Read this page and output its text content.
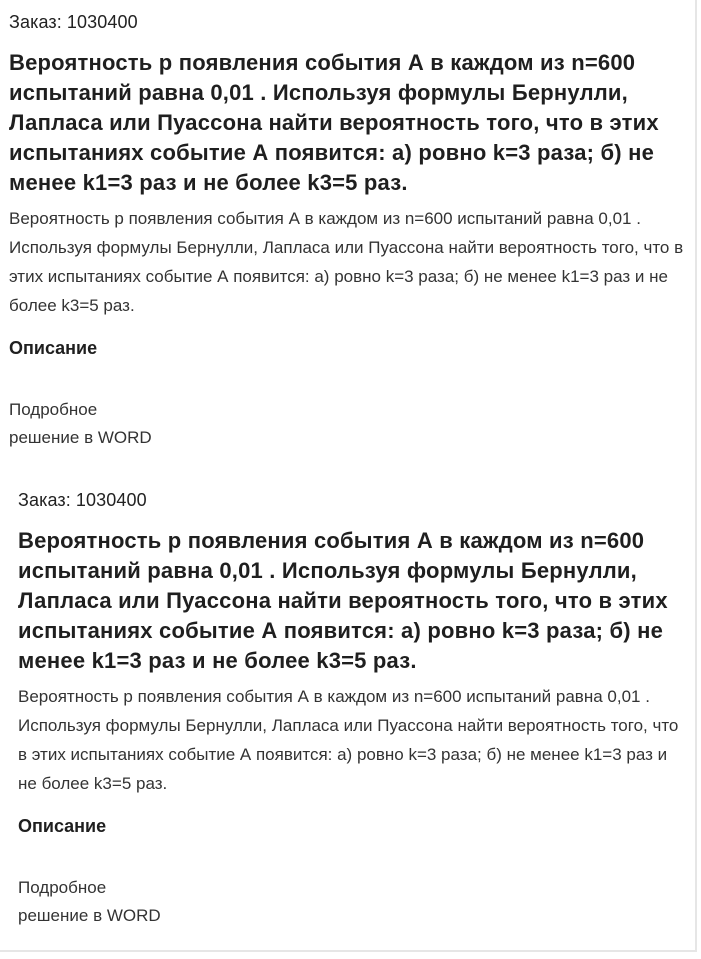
Заказ: 1030400
Вероятность р появления события А в каждом из n=600 испытаний равна 0,01 . Используя формулы Бернулли, Лапласа или Пуассона найти вероятность того, что в этих испытаниях событие А появится: а) ровно k=3 раза; б) не менее k1=3 раз и не более k3=5 раз.
Вероятность р появления события А в каждом из n=600 испытаний равна 0,01 . Используя формулы Бернулли, Лапласа или Пуассона найти вероятность того, что в этих испытаниях событие А появится: а) ровно k=3 раза; б) не менее k1=3 раз и не более k3=5 раз.
Описание
Подробное
решение в WORD
Заказ: 1030400
Вероятность р появления события А в каждом из n=600 испытаний равна 0,01 . Используя формулы Бернулли, Лапласа или Пуассона найти вероятность того, что в этих испытаниях событие А появится: а) ровно k=3 раза; б) не менее k1=3 раз и не более k3=5 раз.
Вероятность р появления события А в каждом из n=600 испытаний равна 0,01 . Используя формулы Бернулли, Лапласа или Пуассона найти вероятность того, что в этих испытаниях событие А появится: а) ровно k=3 раза; б) не менее k1=3 раз и не более k3=5 раз.
Описание
Подробное
решение в WORD
